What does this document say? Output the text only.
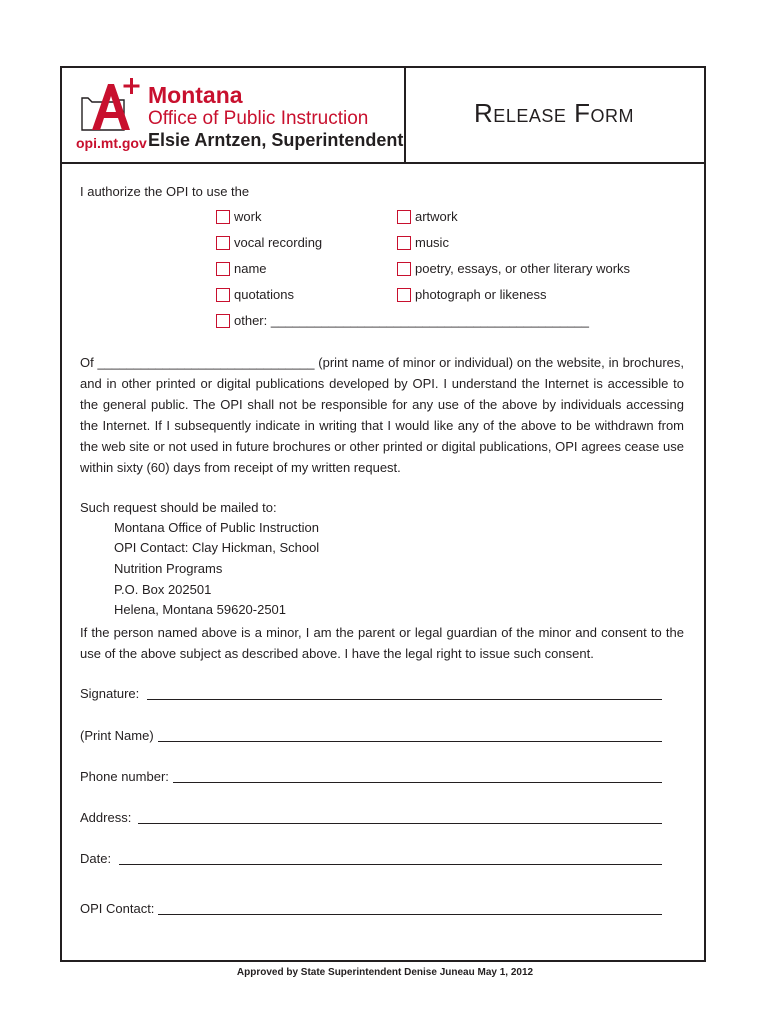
Montana
Office of Public Instruction
Elsie Arntzen, Superintendent
opi.mt.gov
Release Form
I authorize the OPI to use the
work
vocal recording
name
quotations
other: ____________________________________________
artwork
music
poetry, essays, or other literary works
photograph or likeness
Of ______________________________ (print name of minor or individual) on the website, in brochures, and in other printed or digital publications developed by OPI. I understand the Internet is accessible to the general public. The OPI shall not be responsible for any use of the above by individuals accessing the Internet. If I subsequently indicate in writing that I would like any of the above to be withdrawn from the web site or not used in future brochures or other printed or digital publications, OPI agrees cease use within sixty (60) days from receipt of my written request.
Such request should be mailed to:
Montana Office of Public Instruction
OPI Contact: Clay Hickman, School
Nutrition Programs
P.O. Box 202501
Helena, Montana 59620-2501
If the person named above is a minor, I am the parent or legal guardian of the minor and consent to the use of the above subject as described above. I have the legal right to issue such consent.
Signature:
(Print Name)
Phone number:
Address:
Date:
OPI Contact:
Approved by State Superintendent Denise Juneau May 1, 2012
